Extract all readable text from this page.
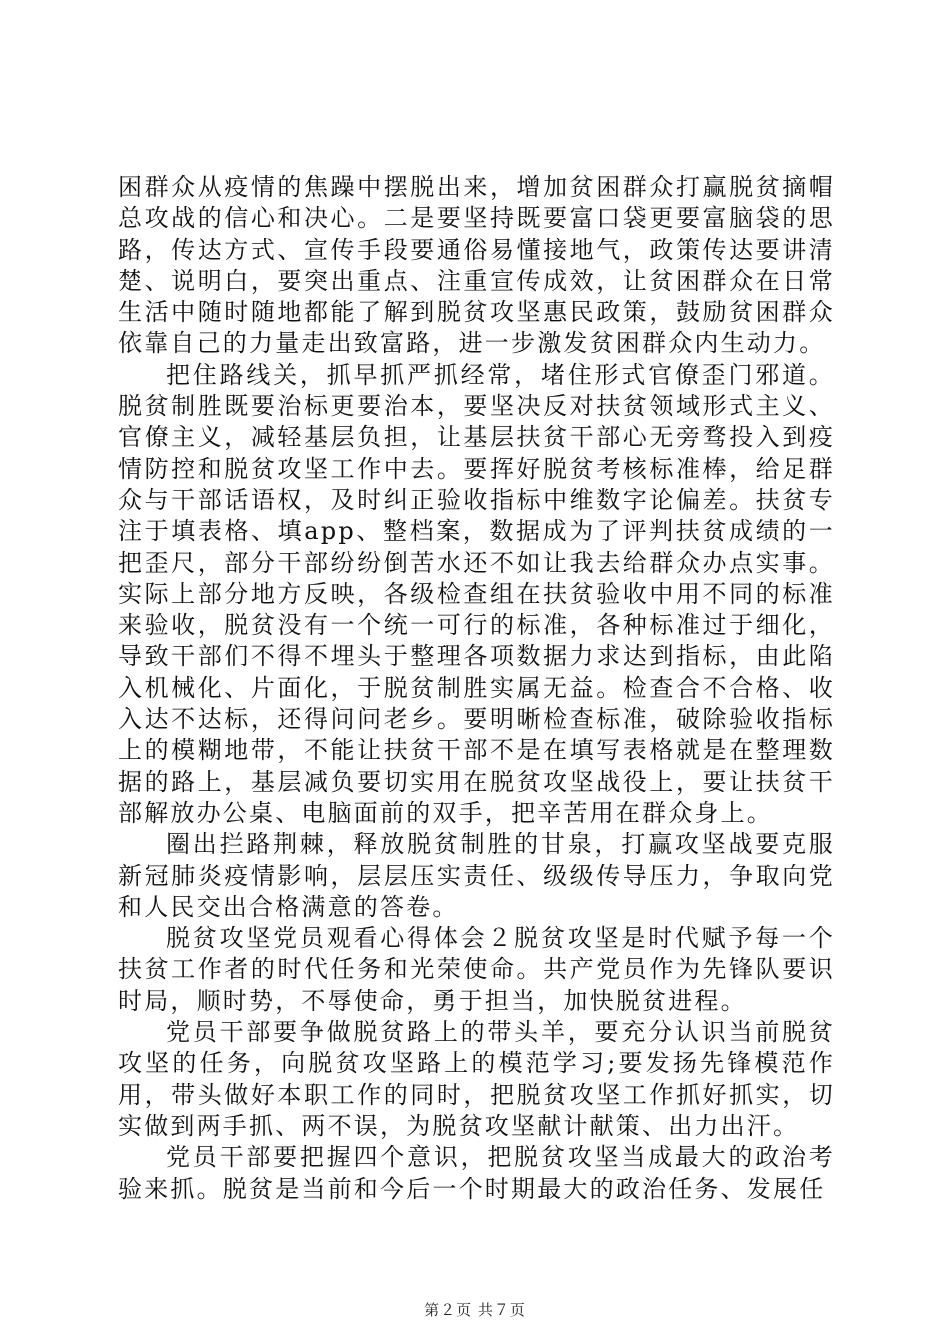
困群众从疫情的焦躁中摆脱出来，增加贫困群众打赢脱贫摘帽总攻战的信心和决心。二是要坚持既要富口袋更要富脑袋的思路，传达方式、宣传手段要通俗易懂接地气，政策传达要讲清楚、说明白，要突出重点、注重宣传成效，让贫困群众在日常生活中随时随地都能了解到脱贫攻坚惠民政策，鼓励贫困群众依靠自己的力量走出致富路，进一步激发贫困群众内生动力。

把住路线关，抓早抓严抓经常，堵住形式官僚歪门邪道。脱贫制胜既要治标更要治本，要坚决反对扶贫领域形式主义、官僚主义，减轻基层负担，让基层扶贫干部心无旁骛投入到疫情防控和脱贫攻坚工作中去。要挥好脱贫考核标准棒，给足群众与干部话语权，及时纠正验收指标中维数字论偏差。扶贫专注于填表格、填app、整档案，数据成为了评判扶贫成绩的一把歪尺，部分干部纷纷倒苦水还不如让我去给群众办点实事。实际上部分地方反映，各级检查组在扶贫验收中用不同的标准来验收，脱贫没有一个统一可行的标准，各种标准过于细化，导致干部们不得不埋头于整理各项数据力求达到指标，由此陷入机械化、片面化，于脱贫制胜实属无益。检查合不合格、收入达不达标，还得问问老乡。要明晰检查标准，破除验收指标上的模糊地带，不能让扶贫干部不是在填写表格就是在整理数据的路上，基层减负要切实用在脱贫攻坚战役上，要让扶贫干部解放办公桌、电脑面前的双手，把辛苦用在群众身上。

圈出拦路荆棘，释放脱贫制胜的甘泉，打赢攻坚战要克服新冠肺炎疫情影响，层层压实责任、级级传导压力，争取向党和人民交出合格满意的答卷。

脱贫攻坚党员观看心得体会２脱贫攻坚是时代赋予每一个扶贫工作者的时代任务和光荣使命。共产党员作为先锋队要识时局，顺时势，不辱使命，勇于担当，加快脱贫进程。

党员干部要争做脱贫路上的带头羊，要充分认识当前脱贫攻坚的任务，向脱贫攻坚路上的模范学习;要发扬先锋模范作用，带头做好本职工作的同时，把脱贫攻坚工作抓好抓实，切实做到两手抓、两不误，为脱贫攻坚献计献策、出力出汗。

党员干部要把握四个意识，把脱贫攻坚当成最大的政治考验来抓。脱贫是当前和今后一个时期最大的政治任务、发展任

第２页 共７页
